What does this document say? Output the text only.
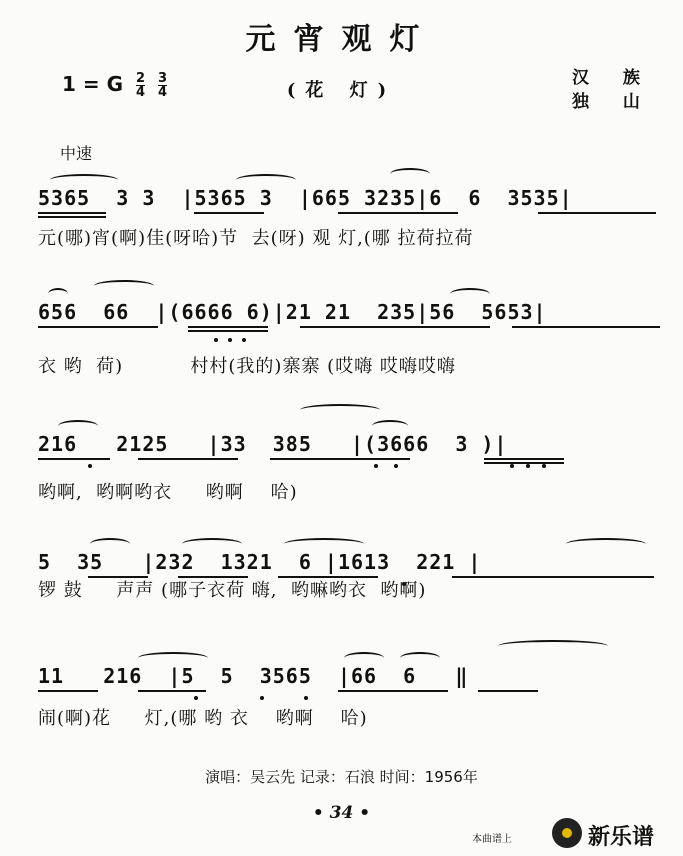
元宵观灯
1 = G $\frac{2}{4}$
$\frac{3}{4}$	(花 灯)
汉 族
独 山
中速
5365  3 3  |5365 3  |665 3235|6  6  3535|
元(哪)宵(啊)佳(呀哈)节  去(呀) 观 灯,(哪 拉荷拉荷
656  66  |(6666 6)|21 21  235|56  5653|
衣 哟  荷)          村村(我的)寨寨 (哎嗨 哎嗨哎嗨
216   2125   |33  385   |(3666  3 )|
哟啊,  哟啊哟衣     哟啊    哈)
5  35   |232  1321  6 |1613  221 |
锣 鼓     声声 (哪子衣荷 嗨,  哟嘛哟衣  哟啊)
11   216  |5  5  3565  |66  6   ‖
闹(啊)花     灯,(哪 哟 衣    哟啊    哈)
演唱：吴云先 记录：石浪 时间：1956年
• 34 •
本曲谱上	新乐谱
